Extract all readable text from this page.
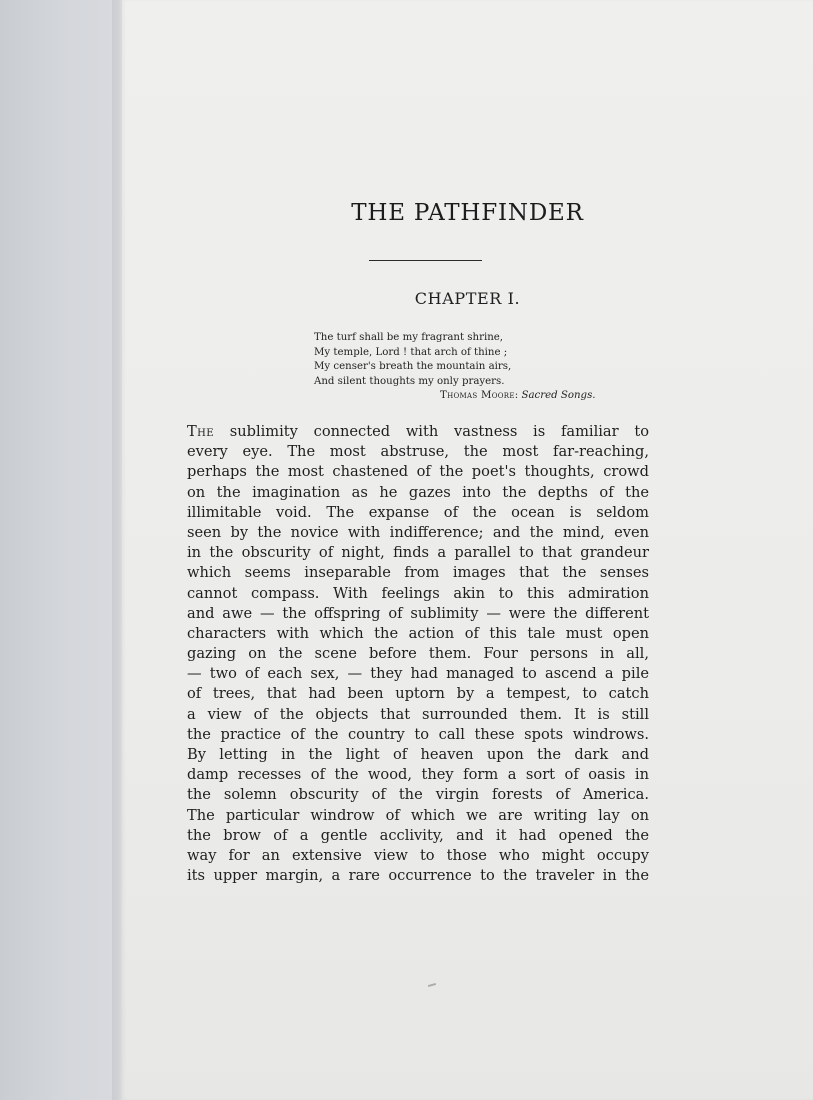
THE PATHFINDER
CHAPTER I.
The turf shall be my fragrant shrine,
My temple, Lord ! that arch of thine ;
My censer's breath the mountain airs,
And silent thoughts my only prayers.
Thomas Moore: Sacred Songs.
The sublimity connected with vastness is familiar to
every eye. The most abstruse, the most far-reaching,
perhaps the most chastened of the poet's thoughts, crowd
on the imagination as he gazes into the depths of the
illimitable void. The expanse of the ocean is seldom
seen by the novice with indifference; and the mind, even
in the obscurity of night, finds a parallel to that grandeur
which seems inseparable from images that the senses
cannot compass. With feelings akin to this admiration
and awe — the offspring of sublimity — were the different
characters with which the action of this tale must open
gazing on the scene before them. Four persons in all,
— two of each sex, — they had managed to ascend a pile
of trees, that had been uptorn by a tempest, to catch
a view of the objects that surrounded them. It is still
the practice of the country to call these spots windrows.
By letting in the light of heaven upon the dark and
damp recesses of the wood, they form a sort of oasis in
the solemn obscurity of the virgin forests of America.
The particular windrow of which we are writing lay on
the brow of a gentle acclivity, and it had opened the
way for an extensive view to those who might occupy
its upper margin, a rare occurrence to the traveler in the
